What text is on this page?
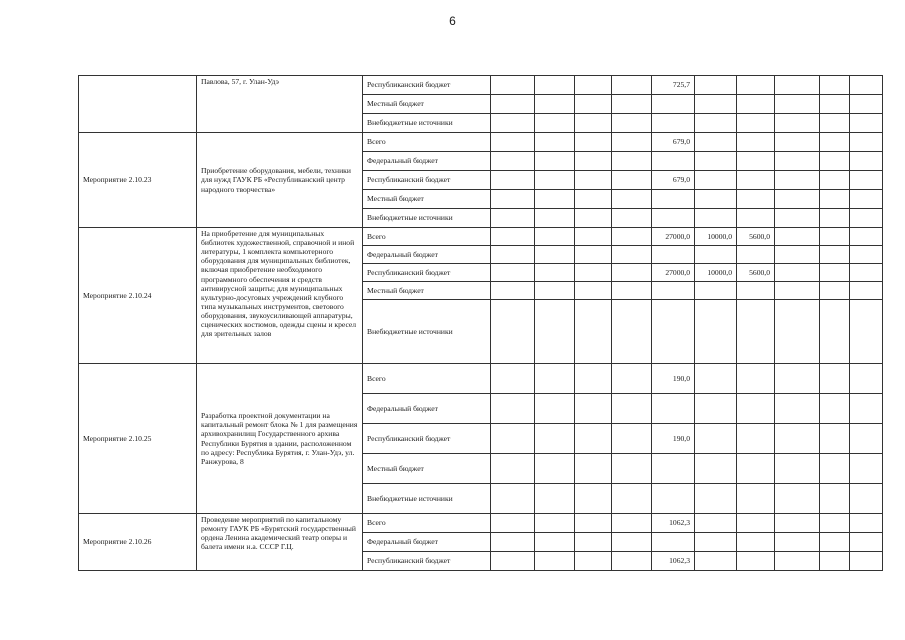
6
	Павлова, 57, г. Улан-Удэ	Республиканский бюджет					725,7					
		Местный бюджет										
		Внебюджетные источники										
Мероприятие 2.10.23	Приобретение оборудования, мебели, техники для нужд ГАУК РБ «Республиканский центр народного творчества»	Всего					679,0					
		Федеральный бюджет										
		Республиканский бюджет					679,0					
		Местный бюджет										
		Внебюджетные источники										
Мероприятие 2.10.24	На приобретение для муниципальных библиотек художественной, справочной и иной литературы, 1 комплекта компьютерного оборудования для муниципальных библиотек, включая приобретение необходимого программного обеспечения и средств антивирусной защиты; для муниципальных культурно-досуговых учреждений клубного типа музыкальных инструментов, светового оборудования, звукоусиливающей аппаратуры, сценических костюмов, одежды сцены и кресел для зрительных залов	Всего					27000,0	10000,0	5600,0			
		Федеральный бюджет										
		Республиканский бюджет					27000,0	10000,0	5600,0			
		Местный бюджет										
		Внебюджетные источники										
Мероприятие 2.10.25	Разработка проектной документации на капитальный ремонт блока № 1 для размещения архивохранилищ Государственного архива Республики Бурятия в здании, расположенном по адресу: Республика Бурятия, г. Улан-Удэ, ул. Ранжурова, 8	Всего					190,0					
		Федеральный бюджет										
		Республиканский бюджет					190,0					
		Местный бюджет										
		Внебюджетные источники										
Мероприятие 2.10.26	Проведение мероприятий по капитальному ремонту ГАУК РБ «Бурятский государственный ордена Ленина академический театр оперы и балета имени н.а. СССР Г.Ц.	Всего					1062,3					
		Федеральный бюджет										
		Республиканский бюджет					1062,3					
